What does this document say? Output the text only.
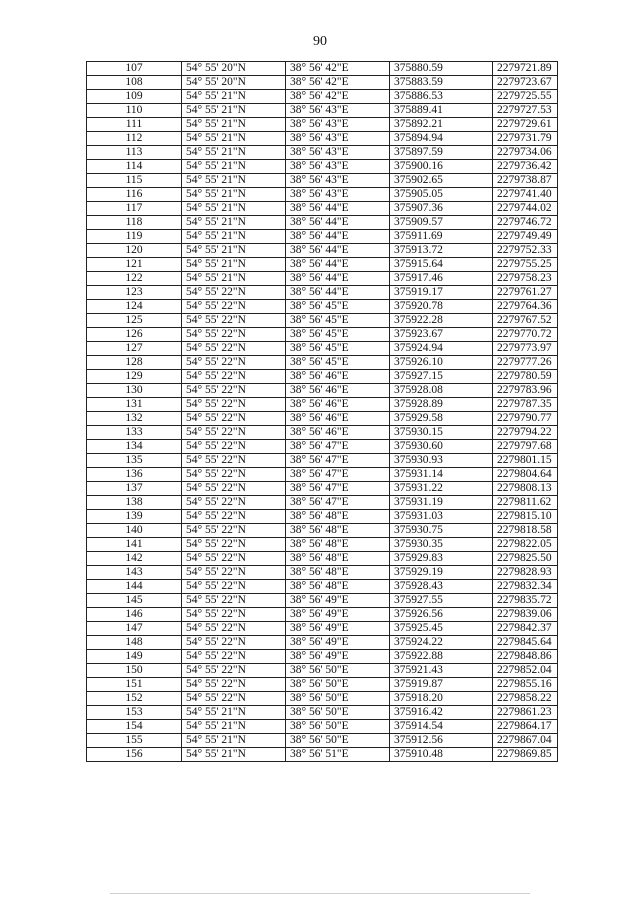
90
107	54° 55' 20"N	38° 56' 42"E	375880.59	2279721.89
108	54° 55' 20"N	38° 56' 42"E	375883.59	2279723.67
109	54° 55' 21"N	38° 56' 42"E	375886.53	2279725.55
110	54° 55' 21"N	38° 56' 43"E	375889.41	2279727.53
111	54° 55' 21"N	38° 56' 43"E	375892.21	2279729.61
112	54° 55' 21"N	38° 56' 43"E	375894.94	2279731.79
113	54° 55' 21"N	38° 56' 43"E	375897.59	2279734.06
114	54° 55' 21"N	38° 56' 43"E	375900.16	2279736.42
115	54° 55' 21"N	38° 56' 43"E	375902.65	2279738.87
116	54° 55' 21"N	38° 56' 43"E	375905.05	2279741.40
117	54° 55' 21"N	38° 56' 44"E	375907.36	2279744.02
118	54° 55' 21"N	38° 56' 44"E	375909.57	2279746.72
119	54° 55' 21"N	38° 56' 44"E	375911.69	2279749.49
120	54° 55' 21"N	38° 56' 44"E	375913.72	2279752.33
121	54° 55' 21"N	38° 56' 44"E	375915.64	2279755.25
122	54° 55' 21"N	38° 56' 44"E	375917.46	2279758.23
123	54° 55' 22"N	38° 56' 44"E	375919.17	2279761.27
124	54° 55' 22"N	38° 56' 45"E	375920.78	2279764.36
125	54° 55' 22"N	38° 56' 45"E	375922.28	2279767.52
126	54° 55' 22"N	38° 56' 45"E	375923.67	2279770.72
127	54° 55' 22"N	38° 56' 45"E	375924.94	2279773.97
128	54° 55' 22"N	38° 56' 45"E	375926.10	2279777.26
129	54° 55' 22"N	38° 56' 46"E	375927.15	2279780.59
130	54° 55' 22"N	38° 56' 46"E	375928.08	2279783.96
131	54° 55' 22"N	38° 56' 46"E	375928.89	2279787.35
132	54° 55' 22"N	38° 56' 46"E	375929.58	2279790.77
133	54° 55' 22"N	38° 56' 46"E	375930.15	2279794.22
134	54° 55' 22"N	38° 56' 47"E	375930.60	2279797.68
135	54° 55' 22"N	38° 56' 47"E	375930.93	2279801.15
136	54° 55' 22"N	38° 56' 47"E	375931.14	2279804.64
137	54° 55' 22"N	38° 56' 47"E	375931.22	2279808.13
138	54° 55' 22"N	38° 56' 47"E	375931.19	2279811.62
139	54° 55' 22"N	38° 56' 48"E	375931.03	2279815.10
140	54° 55' 22"N	38° 56' 48"E	375930.75	2279818.58
141	54° 55' 22"N	38° 56' 48"E	375930.35	2279822.05
142	54° 55' 22"N	38° 56' 48"E	375929.83	2279825.50
143	54° 55' 22"N	38° 56' 48"E	375929.19	2279828.93
144	54° 55' 22"N	38° 56' 48"E	375928.43	2279832.34
145	54° 55' 22"N	38° 56' 49"E	375927.55	2279835.72
146	54° 55' 22"N	38° 56' 49"E	375926.56	2279839.06
147	54° 55' 22"N	38° 56' 49"E	375925.45	2279842.37
148	54° 55' 22"N	38° 56' 49"E	375924.22	2279845.64
149	54° 55' 22"N	38° 56' 49"E	375922.88	2279848.86
150	54° 55' 22"N	38° 56' 50"E	375921.43	2279852.04
151	54° 55' 22"N	38° 56' 50"E	375919.87	2279855.16
152	54° 55' 22"N	38° 56' 50"E	375918.20	2279858.22
153	54° 55' 21"N	38° 56' 50"E	375916.42	2279861.23
154	54° 55' 21"N	38° 56' 50"E	375914.54	2279864.17
155	54° 55' 21"N	38° 56' 50"E	375912.56	2279867.04
156	54° 55' 21"N	38° 56' 51"E	375910.48	2279869.85
